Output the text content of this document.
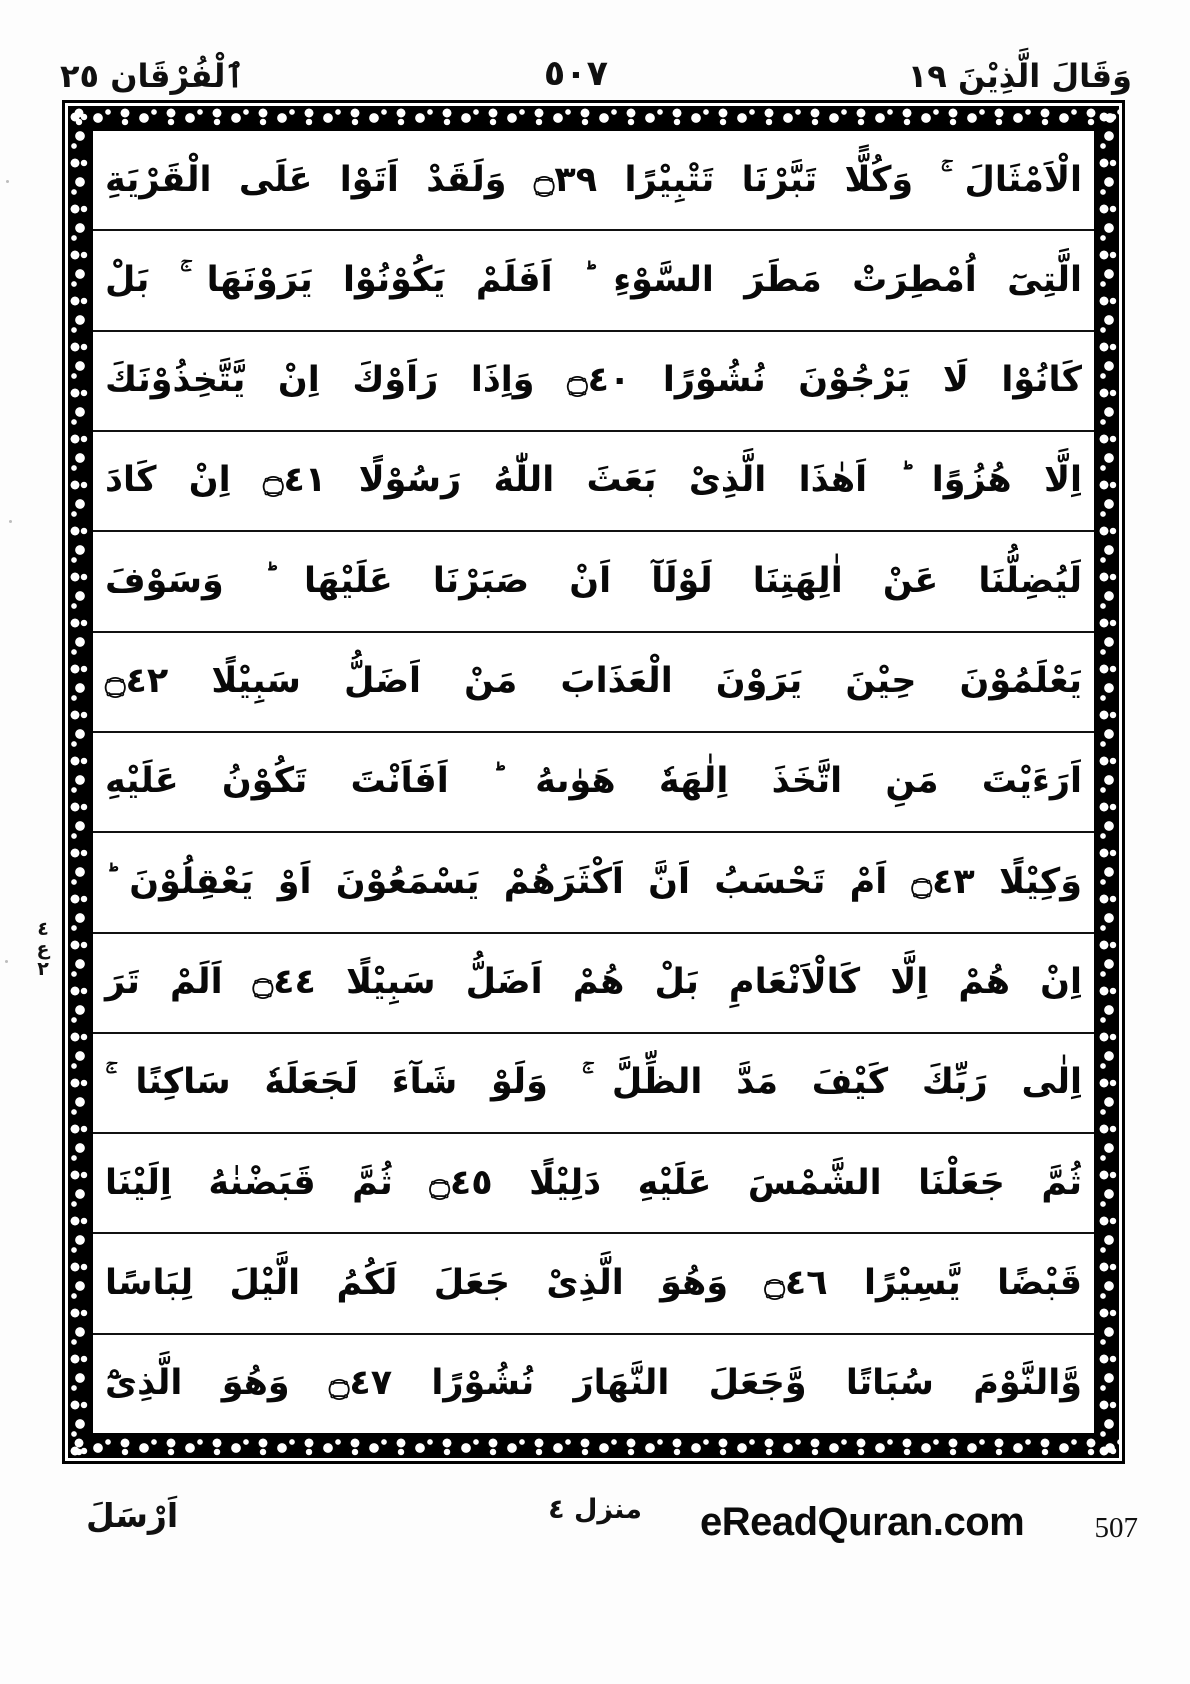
وَقَالَ الَّذِيْنَ ١٩
٥٠٧
ٱلْفُرْقَان ٢٥
٤
ع
٢
الْاَمْثَالَ ۚ وَكُلًّا تَبَّرْنَا تَتْبِيْرًا ۝٣٩ وَلَقَدْ اَتَوْا عَلَى الْقَرْيَةِ
الَّتِىٓ اُمْطِرَتْ مَطَرَ السَّوْءِ ؕ اَفَلَمْ يَكُوْنُوْا يَرَوْنَهَا ۚ بَلْ
كَانُوْا لَا يَرْجُوْنَ نُشُوْرًا ۝٤٠ وَاِذَا رَاَوْكَ اِنْ يَّتَّخِذُوْنَكَ
اِلَّا هُزُوًا ؕ اَهٰذَا الَّذِىْ بَعَثَ اللّٰهُ رَسُوْلًا ۝٤١ اِنْ كَادَ
لَيُضِلُّنَا عَنْ اٰلِهَتِنَا لَوْلَآ اَنْ صَبَرْنَا عَلَيْهَا ؕ وَسَوْفَ
يَعْلَمُوْنَ حِيْنَ يَرَوْنَ الْعَذَابَ مَنْ اَضَلُّ سَبِيْلًا ۝٤٢
اَرَءَيْتَ مَنِ اتَّخَذَ اِلٰهَهٗ هَوٰىهُ ؕ اَفَاَنْتَ تَكُوْنُ عَلَيْهِ
وَكِيْلًا ۝٤٣ اَمْ تَحْسَبُ اَنَّ اَكْثَرَهُمْ يَسْمَعُوْنَ اَوْ يَعْقِلُوْنَ ؕ
اِنْ هُمْ اِلَّا كَالْاَنْعَامِ بَلْ هُمْ اَضَلُّ سَبِيْلًا ۝٤٤ اَلَمْ تَرَ
اِلٰى رَبِّكَ كَيْفَ مَدَّ الظِّلَّ ۚ وَلَوْ شَآءَ لَجَعَلَهٗ سَاكِنًا ۚ
ثُمَّ جَعَلْنَا الشَّمْسَ عَلَيْهِ دَلِيْلًا ۝٤٥ ثُمَّ قَبَضْنٰهُ اِلَيْنَا
قَبْضًا يَّسِيْرًا ۝٤٦ وَهُوَ الَّذِىْ جَعَلَ لَكُمُ الَّيْلَ لِبَاسًا
وَّالنَّوْمَ سُبَاتًا وَّجَعَلَ النَّهَارَ نُشُوْرًا ۝٤٧ وَهُوَ الَّذِىْٓ
اَرْسَلَ	منزل ٤	eReadQuran.com 507
